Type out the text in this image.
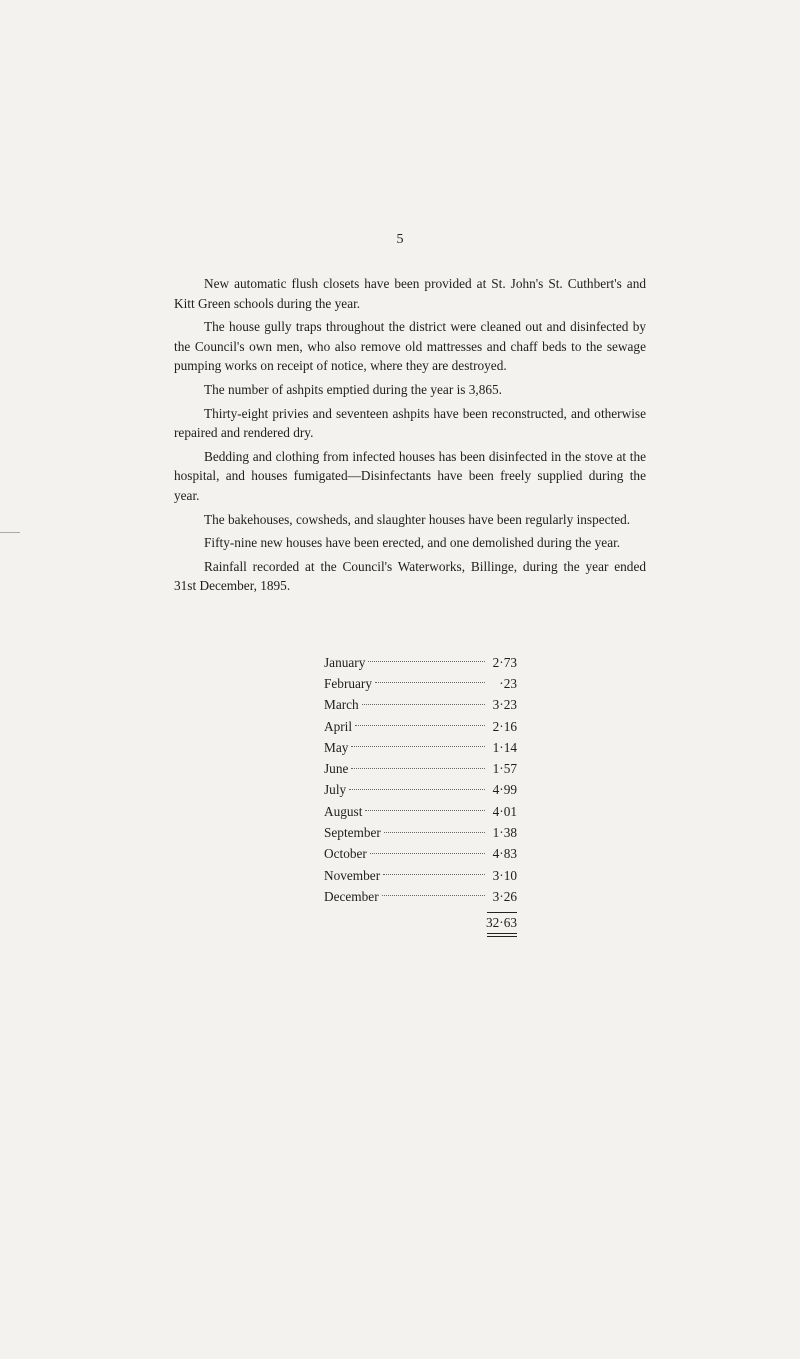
5

New automatic flush closets have been provided at St. John's St. Cuthbert's and Kitt Green schools during the year.

The house gully traps throughout the district were cleaned out and disinfected by the Council's own men, who also remove old mattresses and chaff beds to the sewage pumping works on receipt of notice, where they are destroyed.

The number of ashpits emptied during the year is 3,865.

Thirty-eight privies and seventeen ashpits have been reconstructed, and otherwise repaired and rendered dry.

Bedding and clothing from infected houses has been disinfected in the stove at the hospital, and houses fumigated—Disinfectants have been freely supplied during the year.

The bakehouses, cowsheds, and slaughter houses have been regularly inspected.

Fifty-nine new houses have been erected, and one demolished during the year.

Rainfall recorded at the Council's Waterworks, Billinge, during the year ended 31st December, 1895.

January	2·73
February	·23
March	3·23
April	2·16
May	1·14
June	1·57
July	4·99
August	4·01
September	1·38
October	4·83
November	3·10
December	3·26
32·63
